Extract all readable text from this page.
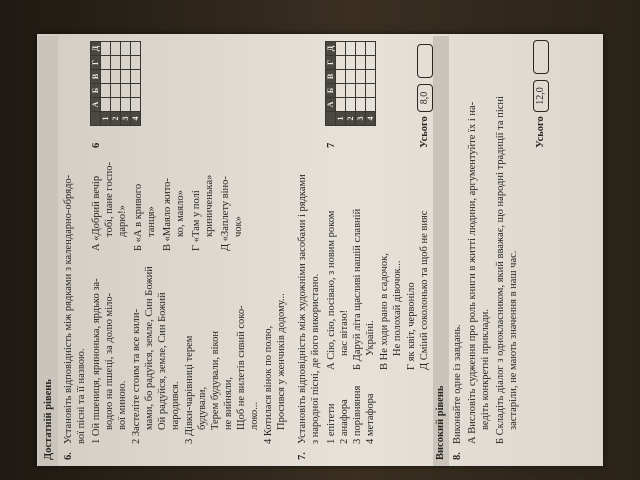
Достатній рівень 6.
Установіть відповідність між рядками з календарно-обрядо- вої пісні та її назвою. 1 Ой пшениця, яринонька, ярдько за- водою на пшеці, за долю міло- вої миною. 2 Застеліте стоим та все кили- мами, бо радуйся, земле, Син Божий Ой радуйся, земле, Син Божий народився. 3 Дівки-чарівниці терем будували, Терем будували, вікон не вийняли, Щоб не вилетів сивий соко- локо... 4 Котилася вінок по полю, Просився у женчиків додому...
А «Добрий вечір тобі, пане госпо- дарю!» Б «А в кривого танця» В «Маяло жито- ко, маяло» Г «Там у полі криниченька» Д «Заплету віно- чок»
6
	А	Б	В	Г	Д
1					
2					
3					
4					
7.
Установіть відповідність між художніми засобами і рядками з народної пісні, де його використано. 1 епітети 2 анафора 3 порівняння 4 метафора
А Сію, сію, посіваю, з новим роком нас вітаю! Б Даруй літа щасливі нашій славній Україні. В Не ходи рано в садочок, Не полохай дівочок... Г як квіт, червоніло Д Сміий соколонько та щоб не вияс
7
	А	Б	В	Г	Д
1					
2					
3					
4						Усього
8,0
Високий рівень 8.
Виконайте одне із завдань. А Висловіть судження про роль книги в житті людини, аргументуйте їх і на- ведіть конкретні приклади. Б Складіть діалог з однокласником, який вважає, що народні традиції та пісні застаріли, не мають значення в наш час.
Усього
12,0
